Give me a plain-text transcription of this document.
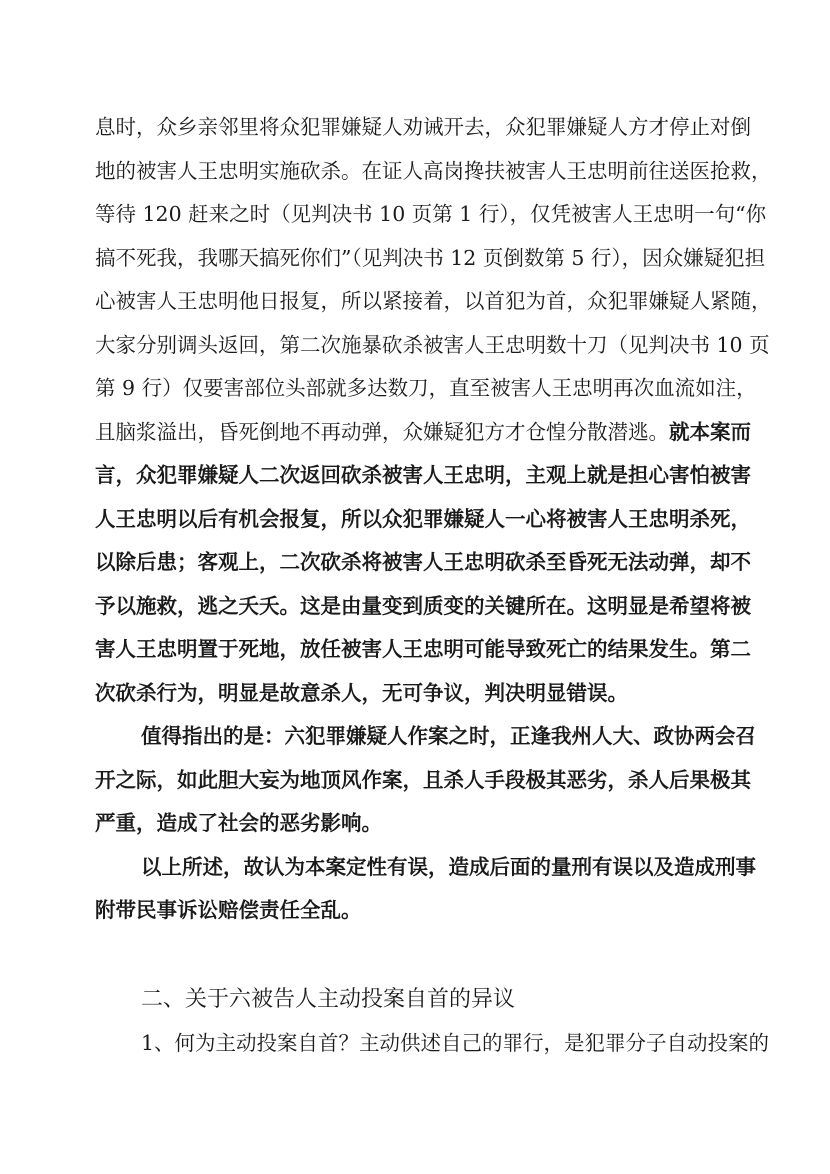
息时，众乡亲邻里将众犯罪嫌疑人劝诫开去，众犯罪嫌疑人方才停止对倒
地的被害人王忠明实施砍杀。在证人高岗搀扶被害人王忠明前往送医抢救，
等待 120 赶来之时（见判决书 10 页第 1 行），仅凭被害人王忠明一句“你
搞不死我，我哪天搞死你们”（见判决书 12 页倒数第 5 行），因众嫌疑犯担
心被害人王忠明他日报复，所以紧接着，以首犯为首，众犯罪嫌疑人紧随，
大家分别调头返回，第二次施暴砍杀被害人王忠明数十刀（见判决书 10 页
第 9 行）仅要害部位头部就多达数刀，直至被害人王忠明再次血流如注，
且脑浆溢出，昏死倒地不再动弹，众嫌疑犯方才仓惶分散潜逃。就本案而
言，众犯罪嫌疑人二次返回砍杀被害人王忠明，主观上就是担心害怕被害
人王忠明以后有机会报复，所以众犯罪嫌疑人一心将被害人王忠明杀死，
以除后患；客观上，二次砍杀将被害人王忠明砍杀至昏死无法动弹，却不
予以施救，逃之夭夭。这是由量变到质变的关键所在。这明显是希望将被
害人王忠明置于死地，放任被害人王忠明可能导致死亡的结果发生。第二
次砍杀行为，明显是故意杀人，无可争议，判决明显错误。
值得指出的是：六犯罪嫌疑人作案之时，正逢我州人大、政协两会召
开之际，如此胆大妄为地顶风作案，且杀人手段极其恶劣，杀人后果极其
严重，造成了社会的恶劣影响。
以上所述，故认为本案定性有误，造成后面的量刑有误以及造成刑事
附带民事诉讼赔偿责任全乱。
二、关于六被告人主动投案自首的异议
1、何为主动投案自首？主动供述自己的罪行，是犯罪分子自动投案的
